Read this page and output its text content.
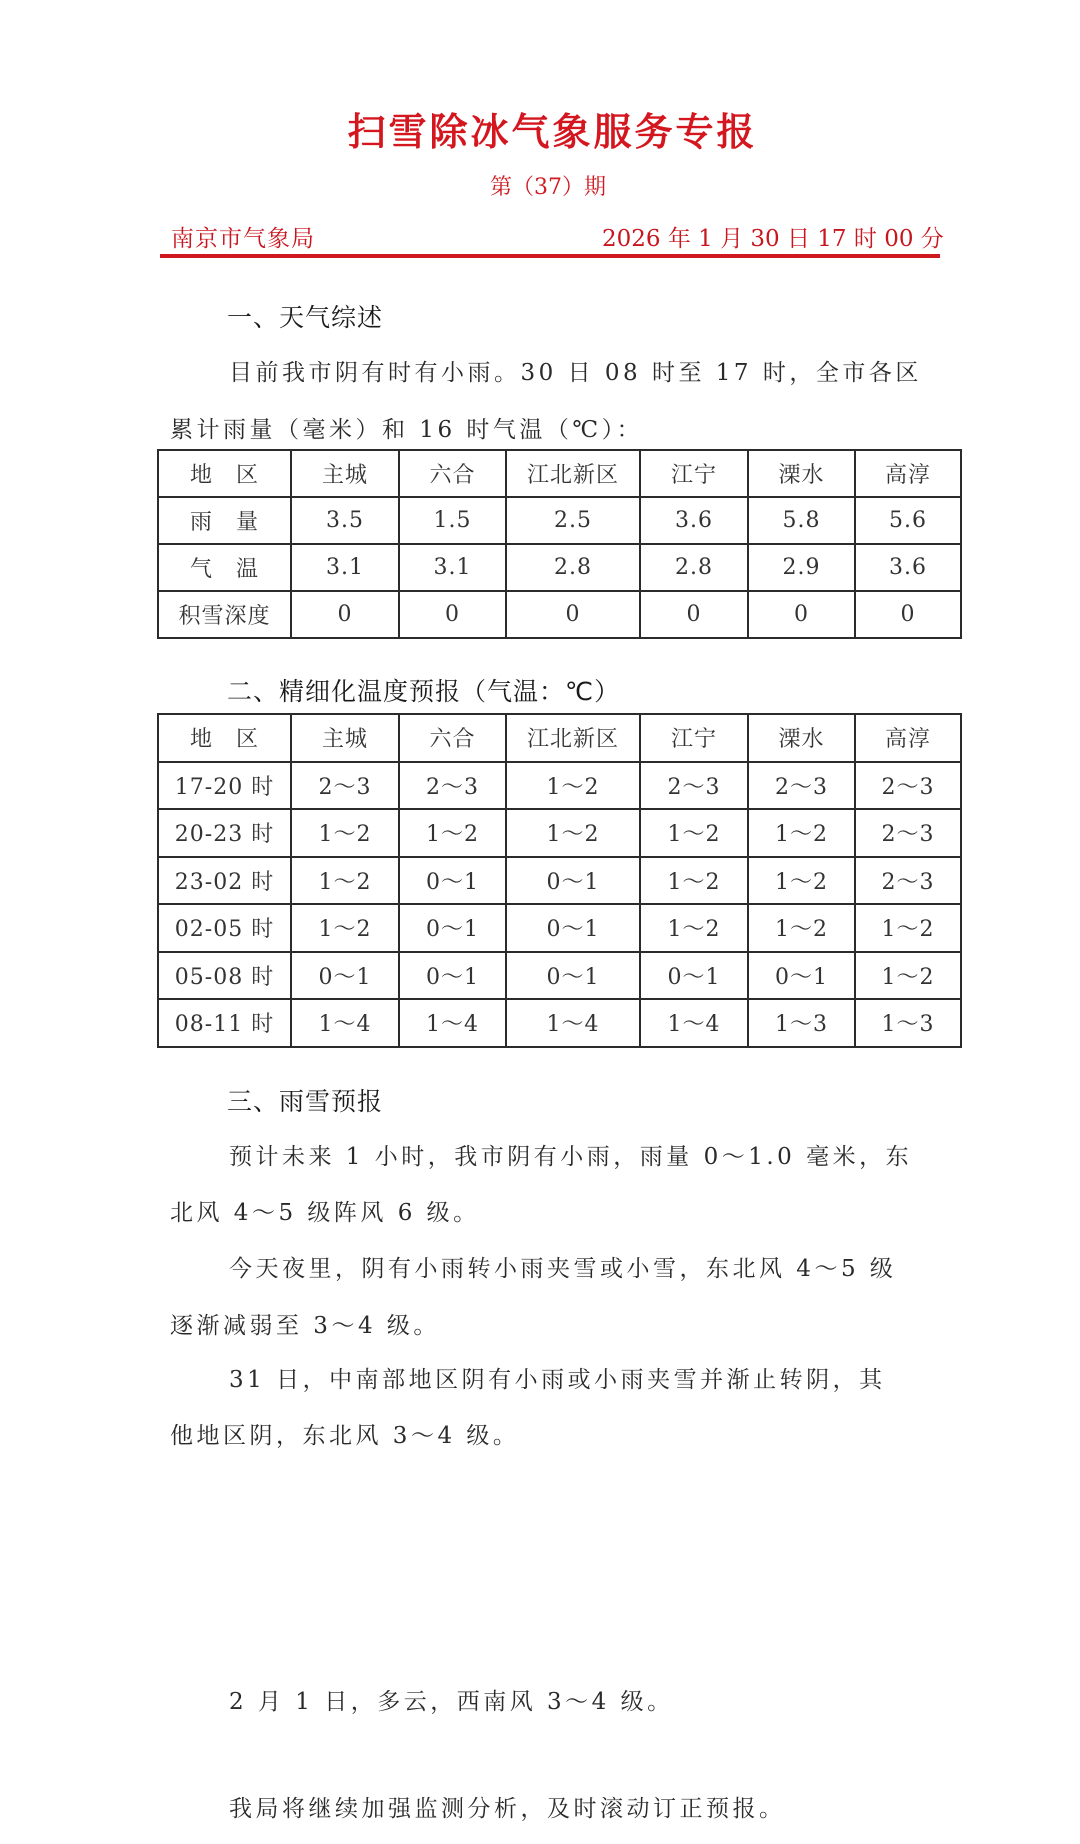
扫雪除冰气象服务专报
第（37）期
南京市气象局	2026 年 1 月 30 日 17 时 00 分
一、天气综述
目前我市阴有时有小雨。30 日 08 时至 17 时，全市各区
累计雨量（毫米）和 16 时气温（℃）：
地　区	主城	六合	江北新区	江宁	溧水	高淳
雨　量	3.5	1.5	2.5	3.6	5.8	5.6
气　温	3.1	3.1	2.8	2.8	2.9	3.6
积雪深度	0	0	0	0	0	0
二、精细化温度预报（气温：℃）
地　区	主城	六合	江北新区	江宁	溧水	高淳
17-20 时	2～3	2～3	1～2	2～3	2～3	2～3
20-23 时	1～2	1～2	1～2	1～2	1～2	2～3
23-02 时	1～2	0～1	0～1	1～2	1～2	2～3
02-05 时	1～2	0～1	0～1	1～2	1～2	1～2
05-08 时	0～1	0～1	0～1	0～1	0～1	1～2
08-11 时	1～4	1～4	1～4	1～4	1～3	1～3
三、雨雪预报
预计未来 1 小时，我市阴有小雨，雨量 0～1.0 毫米，东
北风 4～5 级阵风 6 级。
今天夜里，阴有小雨转小雨夹雪或小雪，东北风 4～5 级
逐渐减弱至 3～4 级。
31 日，中南部地区阴有小雨或小雨夹雪并渐止转阴，其
他地区阴，东北风 3～4 级。
2 月 1 日，多云，西南风 3～4 级。
我局将继续加强监测分析，及时滚动订正预报。
